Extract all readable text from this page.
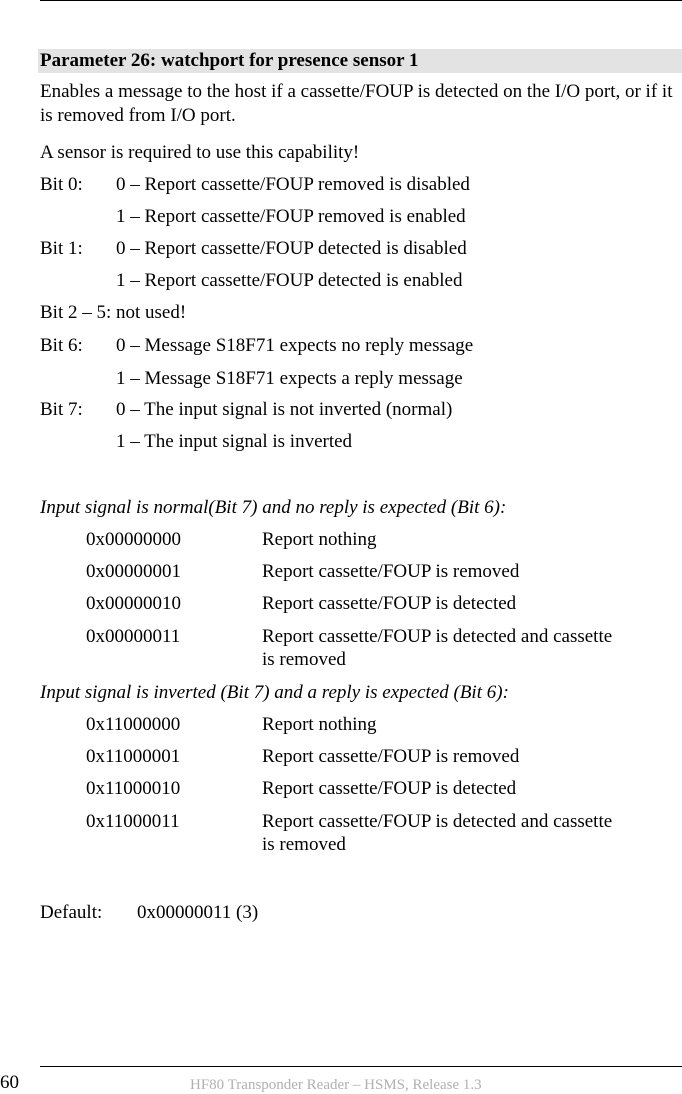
Parameter 26: watchport for presence sensor 1
Enables a message to the host if a cassette/FOUP is detected on the I/O port, or if it is removed from I/O port.
A sensor is required to use this capability!
Bit 0: 0 – Report cassette/FOUP removed is disabled
1 – Report cassette/FOUP removed is enabled
Bit 1: 0 – Report cassette/FOUP detected is disabled
1 – Report cassette/FOUP detected is enabled
Bit 2 – 5: not used!
Bit 6: 0 – Message S18F71 expects no reply message
1 – Message S18F71 expects a reply message
Bit 7: 0 – The input signal is not inverted (normal)
1 – The input signal is inverted
Input signal is normal(Bit 7) and no reply is expected (Bit 6):
0x00000000	Report nothing
0x00000001	Report cassette/FOUP is removed
0x00000010	Report cassette/FOUP is detected
0x00000011	Report cassette/FOUP is detected and cassette
is removed
Input signal is inverted (Bit 7) and a reply is expected (Bit 6):
0x11000000	Report nothing
0x11000001	Report cassette/FOUP is removed
0x11000010	Report cassette/FOUP is detected
0x11000011	Report cassette/FOUP is detected and cassette
is removed
Default: 0x00000011 (3)
60	HF80 Transponder Reader – HSMS, Release 1.3
